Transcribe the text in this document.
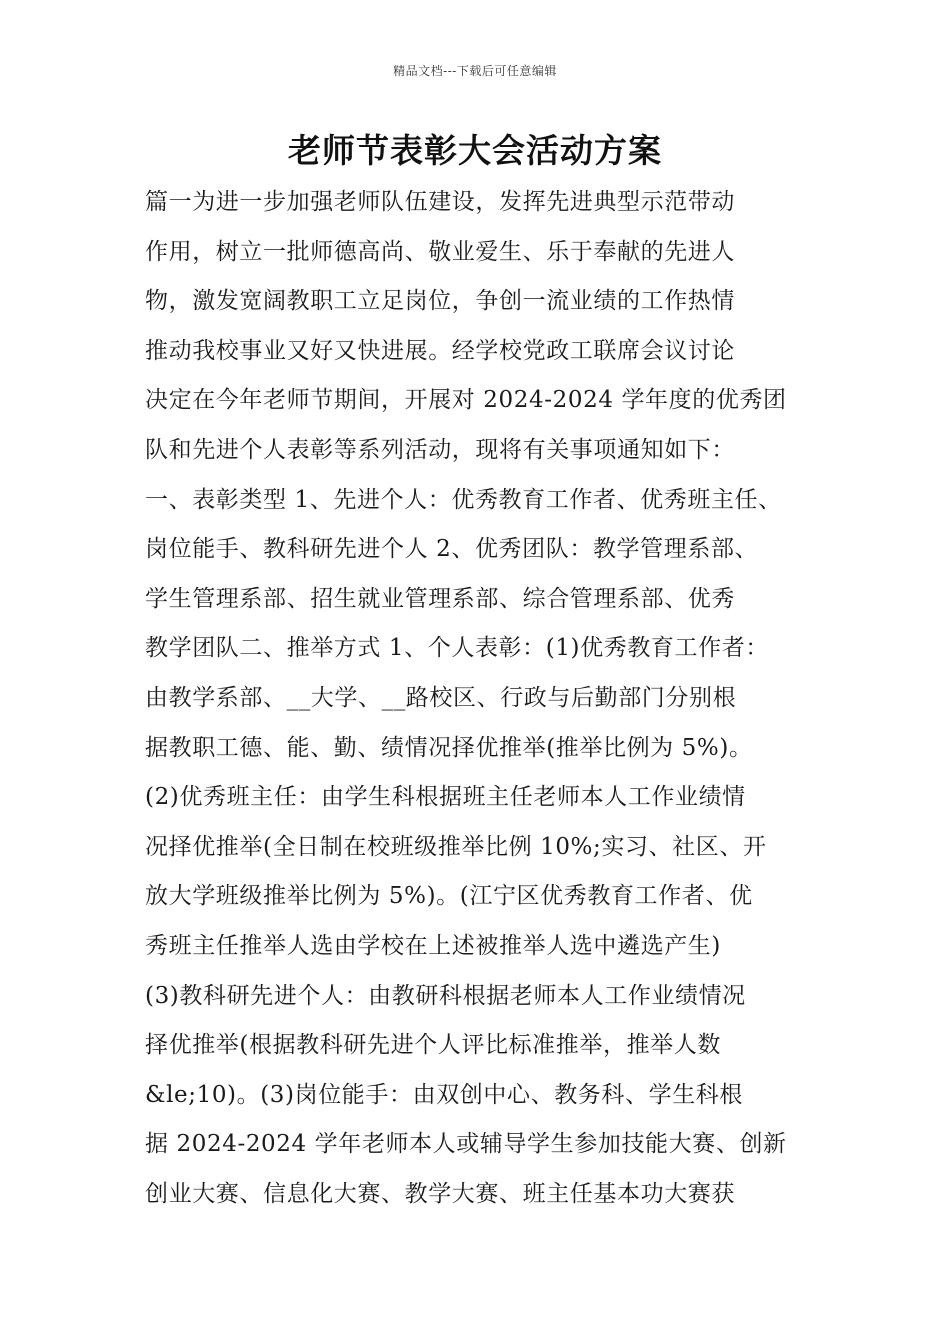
精品文档---下载后可任意编辑
老师节表彰大会活动方案
篇一为进一步加强老师队伍建设，发挥先进典型示范带动
作用，树立一批师德高尚、敬业爱生、乐于奉献的先进人
物，激发宽阔教职工立足岗位，争创一流业绩的工作热情
推动我校事业又好又快进展。经学校党政工联席会议讨论
决定在今年老师节期间，开展对 2024-2024 学年度的优秀团
队和先进个人表彰等系列活动，现将有关事项通知如下：
一、表彰类型 1、先进个人：优秀教育工作者、优秀班主任、
岗位能手、教科研先进个人 2、优秀团队：教学管理系部、
学生管理系部、招生就业管理系部、综合管理系部、优秀
教学团队二、推举方式 1、个人表彰：(1)优秀教育工作者：
由教学系部、__大学、__路校区、行政与后勤部门分别根
据教职工德、能、勤、绩情况择优推举(推举比例为 5%)。
(2)优秀班主任：由学生科根据班主任老师本人工作业绩情
况择优推举(全日制在校班级推举比例 10%;实习、社区、开
放大学班级推举比例为 5%)。(江宁区优秀教育工作者、优
秀班主任推举人选由学校在上述被推举人选中遴选产生)
(3)教科研先进个人：由教研科根据老师本人工作业绩情况
择优推举(根据教科研先进个人评比标准推举，推举人数
&le;10)。(3)岗位能手：由双创中心、教务科、学生科根
据 2024-2024 学年老师本人或辅导学生参加技能大赛、创新
创业大赛、信息化大赛、教学大赛、班主任基本功大赛获
